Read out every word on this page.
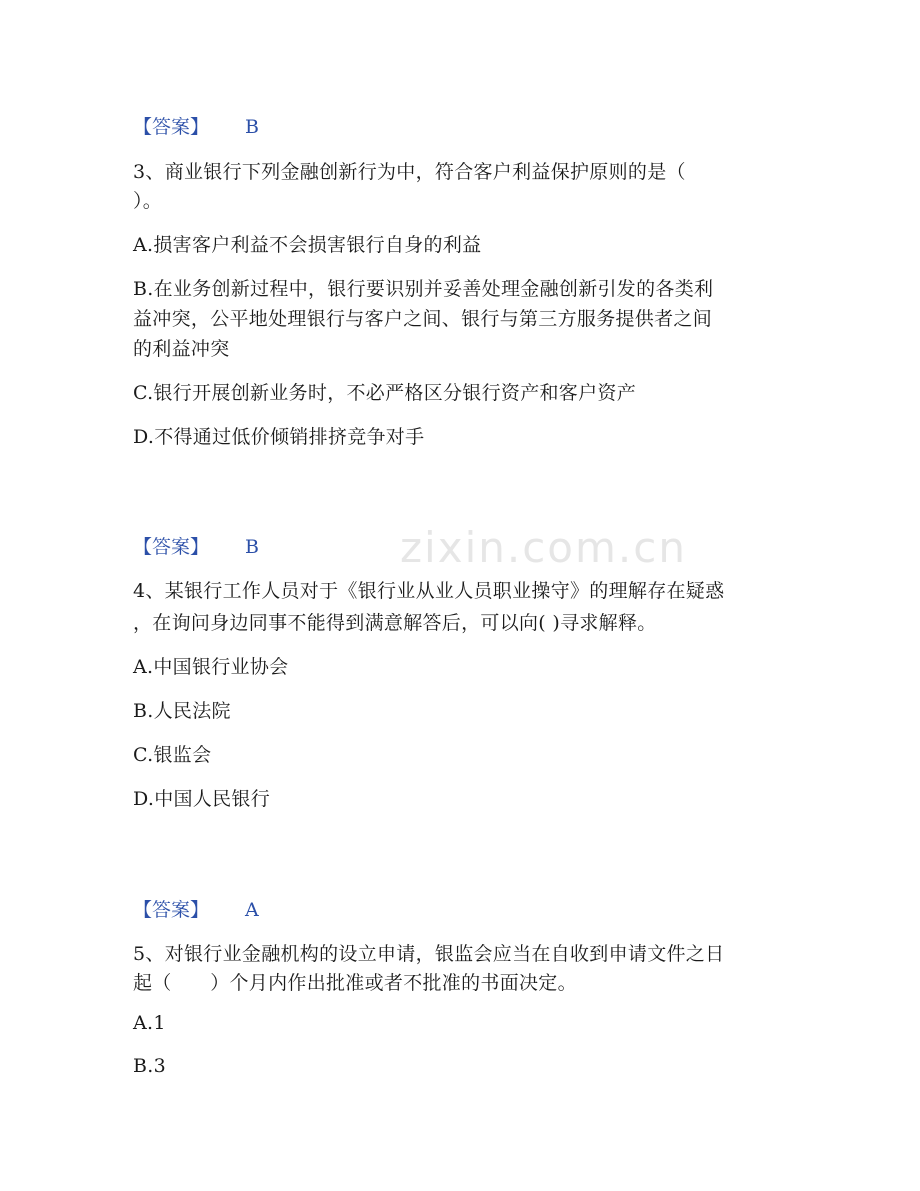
zixin.com.cn
【答案】 B
3、商业银行下列金融创新行为中，符合客户利益保护原则的是（
）。
A.损害客户利益不会损害银行自身的利益
B.在业务创新过程中，银行要识别并妥善处理金融创新引发的各类利
益冲突，公平地处理银行与客户之间、银行与第三方服务提供者之间
的利益冲突
C.银行开展创新业务时，不必严格区分银行资产和客户资产
D.不得通过低价倾销排挤竞争对手
【答案】 B
4、某银行工作人员对于《银行业从业人员职业操守》的理解存在疑惑
，在询问身边同事不能得到满意解答后，可以向( )寻求解释。
A.中国银行业协会
B.人民法院
C.银监会
D.中国人民银行
【答案】 A
5、对银行业金融机构的设立申请，银监会应当在自收到申请文件之日
起（　　）个月内作出批准或者不批准的书面决定。
A.1
B.3
